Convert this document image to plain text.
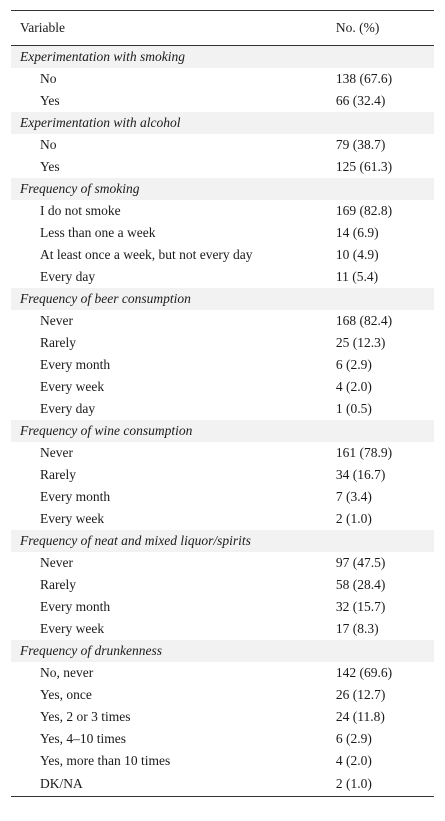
Variable	No. (%)
Experimentation with smoking	
No	138 (67.6)
Yes	66 (32.4)
Experimentation with alcohol	
No	79 (38.7)
Yes	125 (61.3)
Frequency of smoking	
I do not smoke	169 (82.8)
Less than one a week	14 (6.9)
At least once a week, but not every day	10 (4.9)
Every day	11 (5.4)
Frequency of beer consumption	
Never	168 (82.4)
Rarely	25 (12.3)
Every month	6 (2.9)
Every week	4 (2.0)
Every day	1 (0.5)
Frequency of wine consumption	
Never	161 (78.9)
Rarely	34 (16.7)
Every month	7 (3.4)
Every week	2 (1.0)
Frequency of neat and mixed liquor/spirits	
Never	97 (47.5)
Rarely	58 (28.4)
Every month	32 (15.7)
Every week	17 (8.3)
Frequency of drunkenness	
No, never	142 (69.6)
Yes, once	26 (12.7)
Yes, 2 or 3 times	24 (11.8)
Yes, 4–10 times	6 (2.9)
Yes, more than 10 times	4 (2.0)
DK/NA	2 (1.0)
